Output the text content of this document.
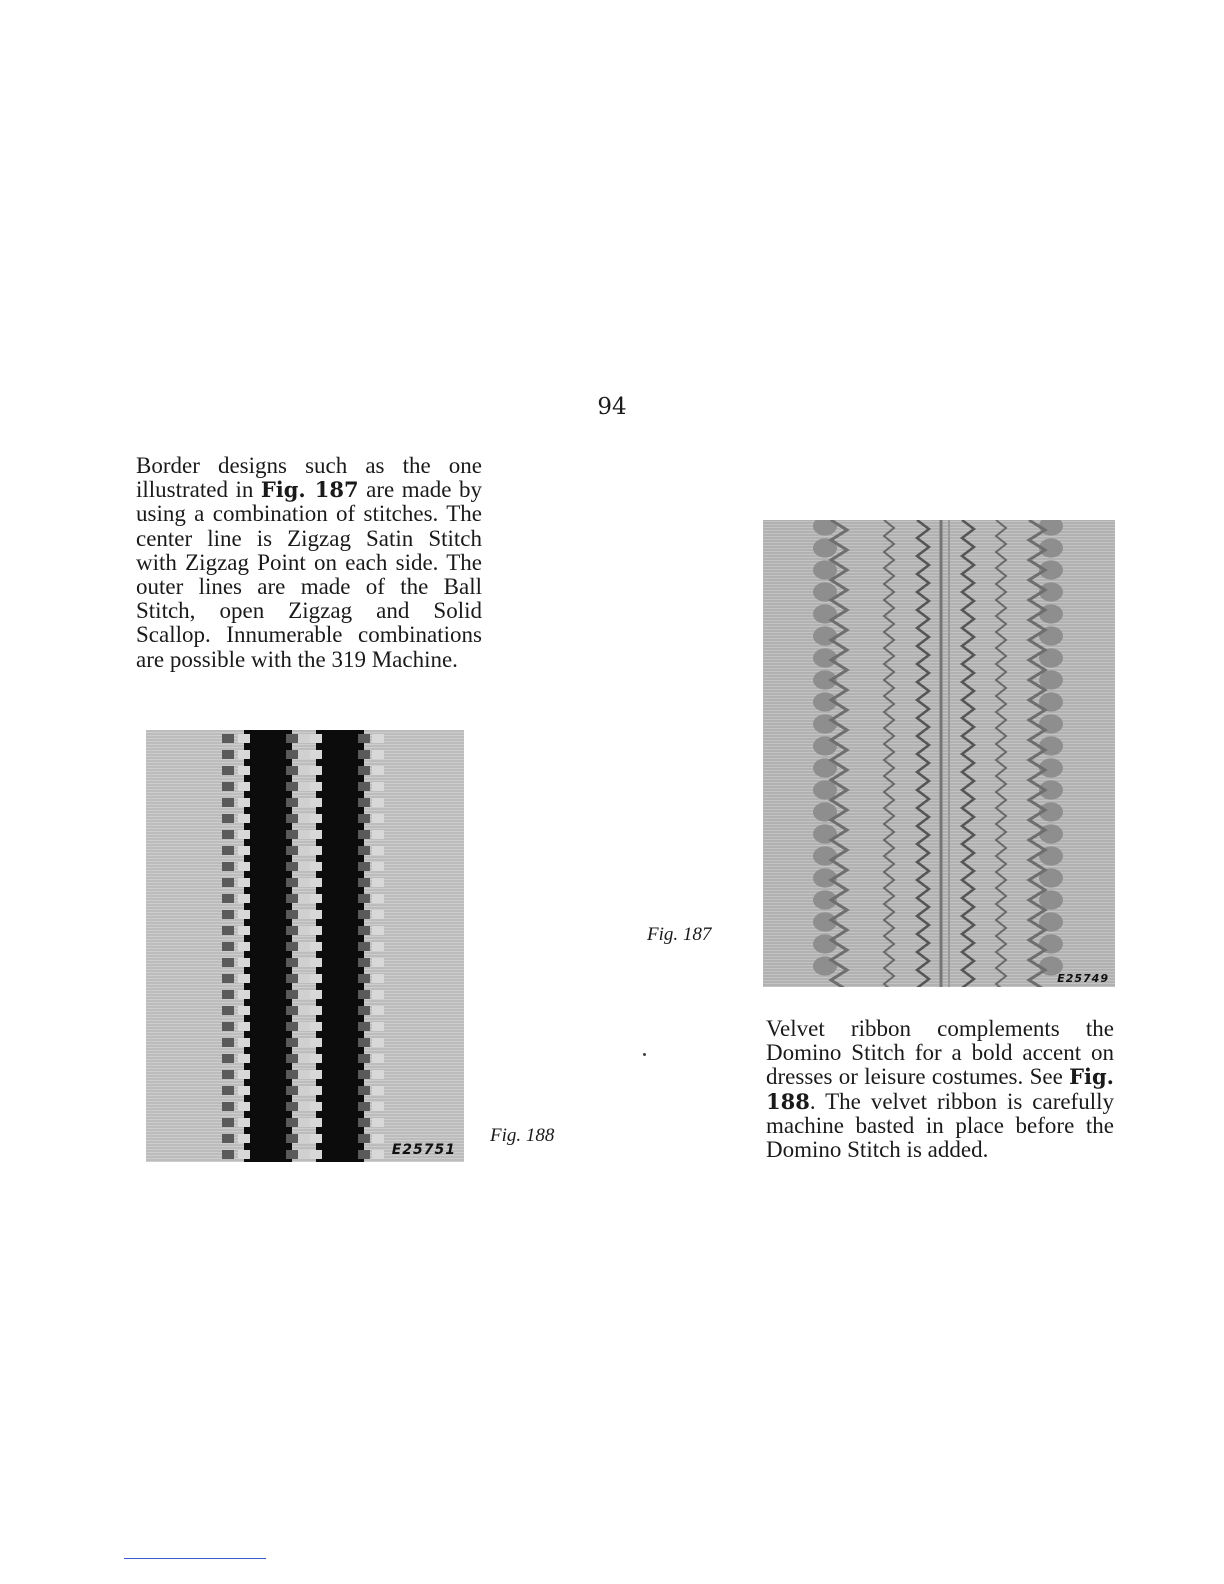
94
Border designs such as the one illustrated in Fig. 187 are made by using a combination of stitches. The center line is Zigzag Satin Stitch with Zigzag Point on each side. The outer lines are made of the Ball Stitch, open Zigzag and Solid Scallop. Innumerable combinations are possible with the 319 Machine.
E25749
Fig. 187
E25751
Fig. 188
Velvet ribbon complements the Domino Stitch for a bold accent on dresses or leisure costumes. See Fig. 188. The velvet ribbon is carefully machine basted in place before the Domino Stitch is added.
